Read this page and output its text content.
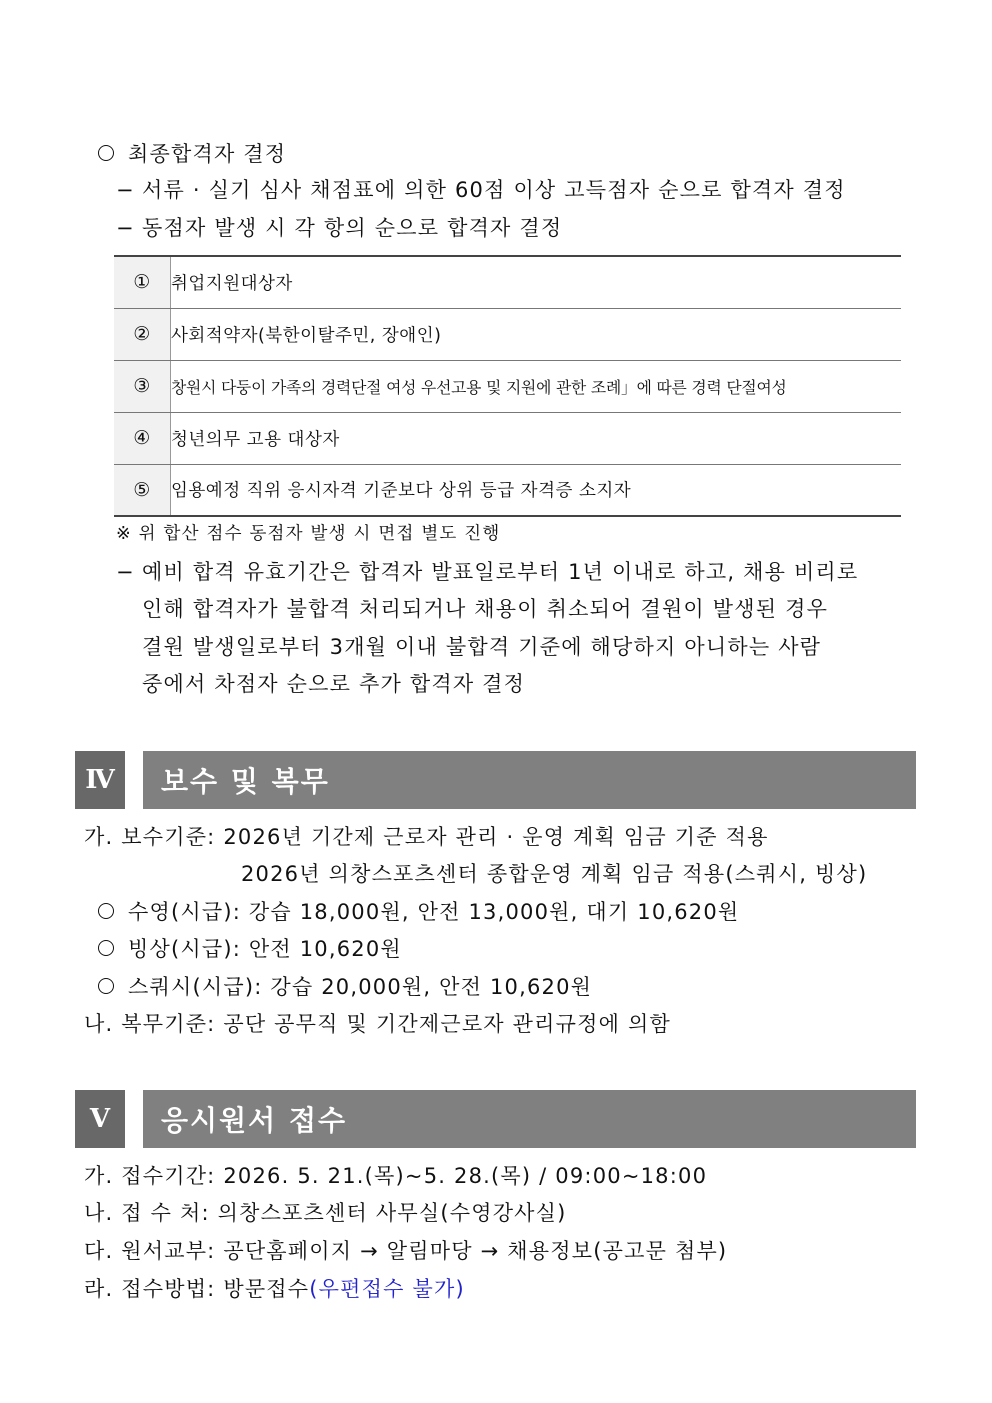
최종합격자 결정
− 서류 · 실기 심사 채점표에 의한 60점 이상 고득점자 순으로 합격자 결정
− 동점자 발생 시 각 항의 순으로 합격자 결정
①	취업지원대상자
②	사회적약자(북한이탈주민, 장애인)
③	창원시 다둥이 가족의 경력단절 여성 우선고용 및 지원에 관한 조례」에 따른 경력 단절여성
④	청년의무 고용 대상자
⑤	임용예정 직위 응시자격 기준보다 상위 등급 자격증 소지자
※ 위 합산 점수 동점자 발생 시 면접 별도 진행
− 예비 합격 유효기간은 합격자 발표일로부터 1년 이내로 하고, 채용 비리로
인해 합격자가 불합격 처리되거나 채용이 취소되어 결원이 발생된 경우
결원 발생일로부터 3개월 이내 불합격 기준에 해당하지 아니하는 사람
중에서 차점자 순으로 추가 합격자 결정
Ⅳ	보수 및 복무
가. 보수기준: 2026년 기간제 근로자 관리 · 운영 계획 임금 기준 적용
2026년 의창스포츠센터 종합운영 계획 임금 적용(스쿼시, 빙상)
수영(시급): 강습 18,000원, 안전 13,000원, 대기 10,620원
빙상(시급): 안전 10,620원
스쿼시(시급): 강습 20,000원, 안전 10,620원
나. 복무기준: 공단 공무직 및 기간제근로자 관리규정에 의함
Ⅴ	응시원서 접수
가. 접수기간: 2026. 5. 21.(목)~5. 28.(목) / 09:00~18:00
나. 접 수 처: 의창스포츠센터 사무실(수영강사실)
다. 원서교부: 공단홈페이지 → 알림마당 → 채용정보(공고문 첨부)
라. 접수방법: 방문접수(우편접수 불가)
